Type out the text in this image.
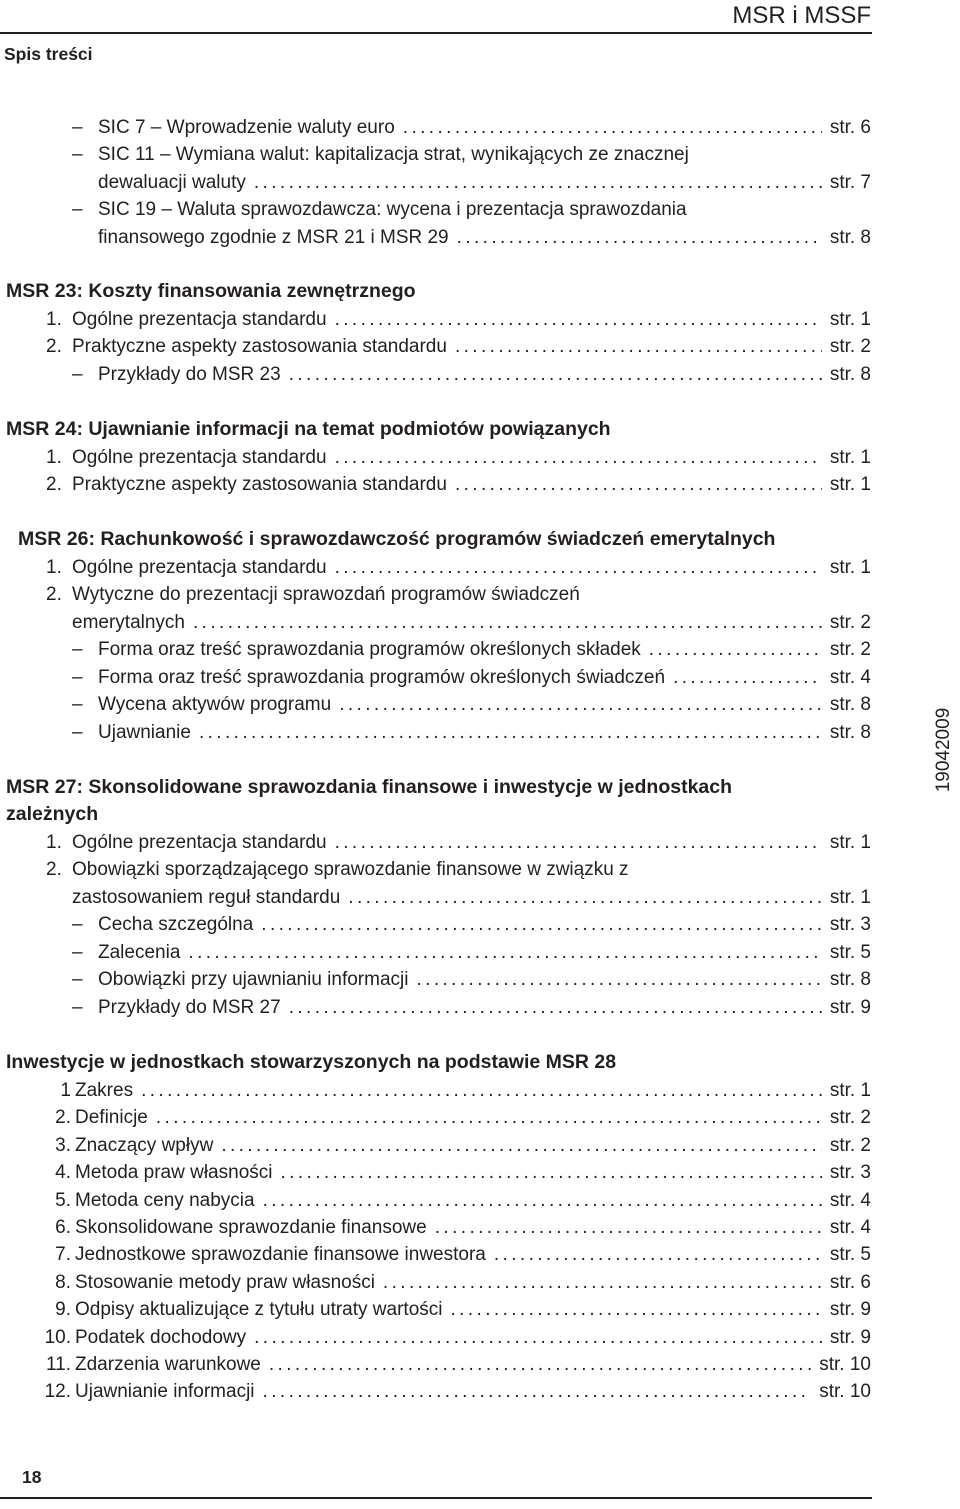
MSR i MSSF
Spis treści
– SIC 7 – Wprowadzenie waluty euro .....	str. 6
– SIC 11 – Wymiana walut: kapitalizacja strat, wynikających ze znacznej
dewaluacji waluty .....	str. 7
– SIC 19 – Waluta sprawozdawcza: wycena i prezentacja sprawozdania
finansowego zgodnie z MSR 21 i MSR 29 .....	str. 8
MSR 23: Koszty finansowania zewnętrznego
1. Ogólne prezentacja standardu .....	str. 1
2. Praktyczne aspekty zastosowania standardu .....	str. 2
– Przykłady do MSR 23 .....	str. 8
MSR 24: Ujawnianie informacji na temat podmiotów powiązanych
1. Ogólne prezentacja standardu .....	str. 1
2. Praktyczne aspekty zastosowania standardu .....	str. 1
MSR 26: Rachunkowość i sprawozdawczość programów świadczeń emerytalnych
1. Ogólne prezentacja standardu .....	str. 1
2. Wytyczne do prezentacji sprawozdań programów świadczeń
emerytalnych .....	str. 2
– Forma oraz treść sprawozdania programów określonych składek .....	str. 2
– Forma oraz treść sprawozdania programów określonych świadczeń .....	str. 4
– Wycena aktywów programu .....	str. 8
– Ujawnianie .....	str. 8
MSR 27: Skonsolidowane sprawozdania finansowe i inwestycje w jednostkach
zależnych
1. Ogólne prezentacja standardu .....	str. 1
2. Obowiązki sporządzającego sprawozdanie finansowe w związku z
zastosowaniem reguł standardu .....	str. 1
– Cecha szczególna .....	str. 3
– Zalecenia .....	str. 5
– Obowiązki przy ujawnianiu informacji .....	str. 8
– Przykłady do MSR 27 .....	str. 9
Inwestycje w jednostkach stowarzyszonych na podstawie MSR 28
1 Zakres .....	str. 1
2. Definicje .....	str. 2
3. Znaczący wpływ .....	str. 2
4. Metoda praw własności .....	str. 3
5. Metoda ceny nabycia .....	str. 4
6. Skonsolidowane sprawozdanie finansowe .....	str. 4
7. Jednostkowe sprawozdanie finansowe inwestora .....	str. 5
8. Stosowanie metody praw własności .....	str. 6
9. Odpisy aktualizujące z tytułu utraty wartości .....	str. 9
10. Podatek dochodowy .....	str. 9
11. Zdarzenia warunkowe .....	str. 10
12. Ujawnianie informacji .....	str. 10
19042009
18
